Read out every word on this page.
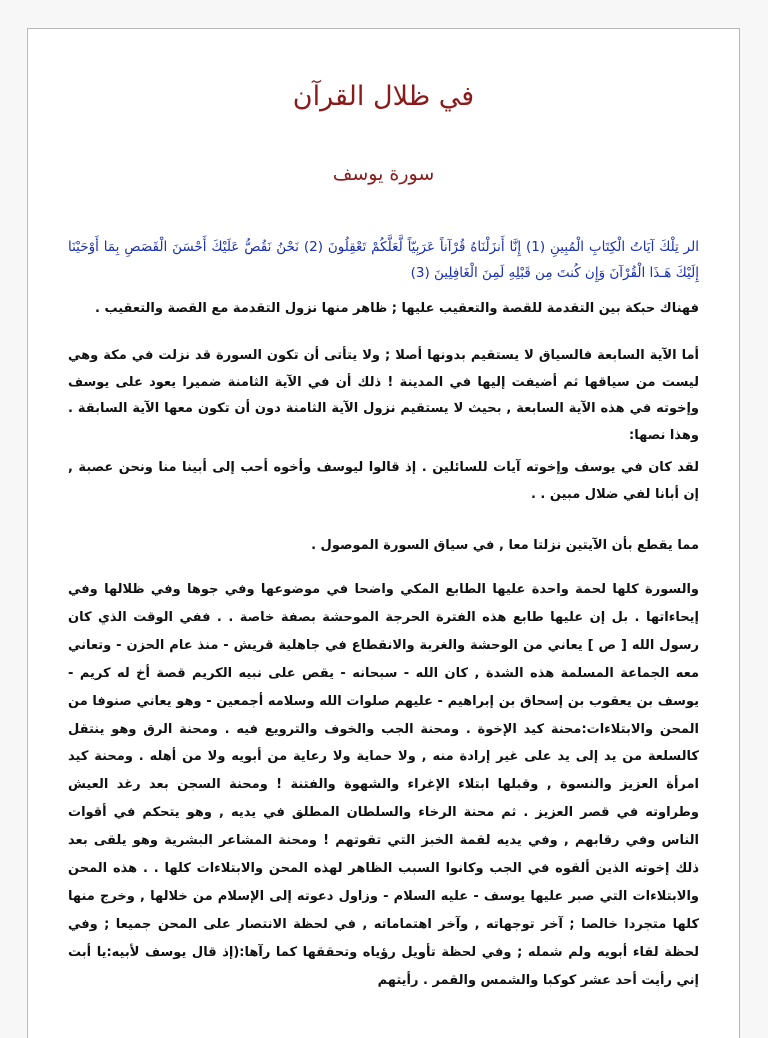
في ظلال القرآن
سورة يوسف

الر تِلْكَ آيَاتُ الْكِتَابِ الْمُبِينِ (1) إِنَّا أَنزَلْنَاهُ قُرْآناً عَرَبِيّاً لَّعَلَّكُمْ تَعْقِلُونَ (2) نَحْنُ نَقُصُّ عَلَيْكَ أَحْسَنَ الْقَصَصِ بِمَا أَوْحَيْنَا إِلَيْكَ هَـذَا الْقُرْآنَ وَإِن كُنتَ مِن قَبْلِهِ لَمِنَ الْغَافِلِينَ (3)

فهناك حبكة بين التقدمة للقصة والتعقيب عليها ; ظاهر منها نزول التقدمة مع القصة والتعقيب .

أما الآية السابعة فالسياق لا يستقيم بدونها أصلا ; ولا يتأتى أن تكون السورة قد نزلت في مكة وهي ليست من سياقها ثم أضيفت إليها في المدينة ! ذلك أن في الآية الثامنة ضميرا يعود على يوسف وإخوته في هذه الآية السابعة , بحيث لا يستقيم نزول الآية الثامنة دون أن تكون معها الآية السابقة . وهذا نصها:

لقد كان في يوسف وإخوته آيات للسائلين . إذ قالوا ليوسف وأخوه أحب إلى أبينا منا ونحن عصبة , إن أبانا لفي ضلال مبين . .

مما يقطع بأن الآيتين نزلتا معا , في سياق السورة الموصول .

والسورة كلها لحمة واحدة عليها الطابع المكي واضحا في موضوعها وفي جوها وفي ظلالها وفي إيحاءاتها . بل إن عليها طابع هذه الفترة الحرجة الموحشة بصفة خاصة . . ففي الوقت الذي كان رسول الله [ ص ] يعاني من الوحشة والغربة والانقطاع في جاهلية قريش - منذ عام الحزن - وتعاني معه الجماعة المسلمة هذه الشدة , كان الله - سبحانه - يقص على نبيه الكريم قصة أخ له كريم - يوسف بن يعقوب بن إسحاق بن إبراهيم - عليهم صلوات الله وسلامه أجمعين - وهو يعاني صنوفا من المحن والابتلاءات:محنة كيد الإخوة . ومحنة الجب والخوف والترويع فيه . ومحنة الرق وهو ينتقل كالسلعة من يد إلى يد على غير إرادة منه , ولا حماية ولا رعاية من أبويه ولا من أهله . ومحنة كيد امرأة العزيز والنسوة , وقبلها ابتلاء الإغراء والشهوة والفتنة ! ومحنة السجن بعد رغد العيش وطراوته في قصر العزيز . ثم محنة الرخاء والسلطان المطلق في يديه , وهو يتحكم في أقوات الناس وفي رقابهم , وفي يديه لقمة الخبز التي تقوتهم ! ومحنة المشاعر البشرية وهو يلقى بعد ذلك إخوته الذين ألقوه في الجب وكانوا السبب الظاهر لهذه المحن والابتلاءات كلها . . هذه المحن والابتلاءات التي صبر عليها يوسف - عليه السلام - وزاول دعوته إلى الإسلام من خلالها , وخرج منها كلها متجردا خالصا ; آخر توجهاته , وآخر اهتماماته , في لحظة الانتصار على المحن جميعا ; وفي لحظة لقاء أبويه ولم شمله ; وفي لحظة تأويل رؤياه وتحققها كما رآها:(إذ قال يوسف لأبيه:يا أبت إني رأيت أحد عشر كوكبا والشمس والقمر . رأيتهم
